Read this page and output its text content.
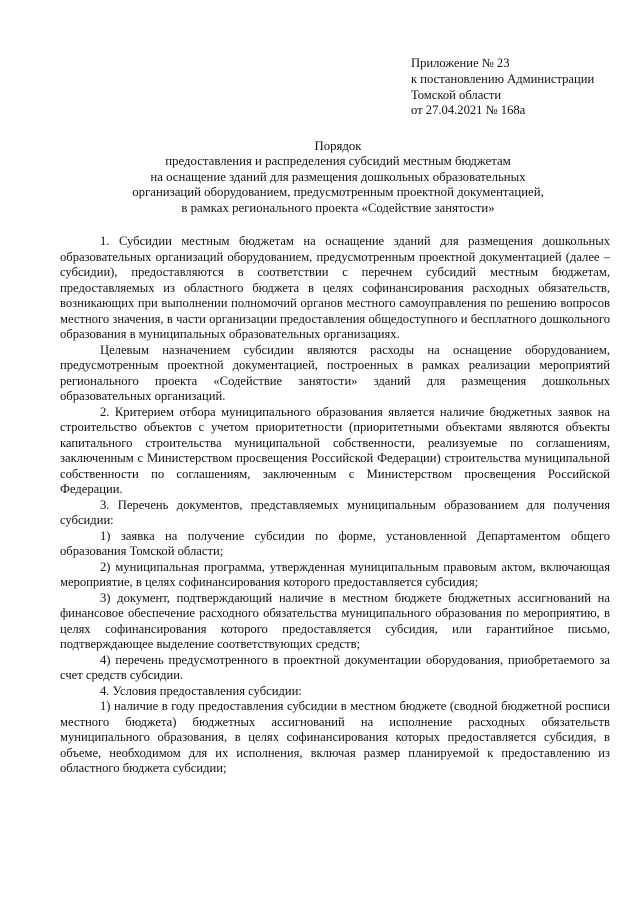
Приложение № 23
к постановлению Администрации
Томской области
от 27.04.2021 № 168а
Порядок
предоставления и распределения субсидий местным бюджетам
на оснащение зданий для размещения дошкольных образовательных
организаций оборудованием, предусмотренным проектной документацией,
в рамках регионального проекта «Содействие занятости»

1. Субсидии местным бюджетам на оснащение зданий для размещения дошкольных образовательных организаций оборудованием, предусмотренным проектной документацией (далее – субсидии), предоставляются в соответствии с перечнем субсидий местным бюджетам, предоставляемых из областного бюджета в целях софинансирования расходных обязательств, возникающих при выполнении полномочий органов местного самоуправления по решению вопросов местного значения, в части организации предоставления общедоступного и бесплатного дошкольного образования в муниципальных образовательных организациях.

Целевым назначением субсидии являются расходы на оснащение оборудованием, предусмотренным проектной документацией, построенных в рамках реализации мероприятий регионального проекта «Содействие занятости» зданий для размещения дошкольных образовательных организаций.

2. Критерием отбора муниципального образования является наличие бюджетных заявок на строительство объектов с учетом приоритетности (приоритетными объектами являются объекты капитального строительства муниципальной собственности, реализуемые по соглашениям, заключенным с Министерством просвещения Российской Федерации) строительства муниципальной собственности по соглашениям, заключенным с Министерством просвещения Российской Федерации.

3. Перечень документов, представляемых муниципальным образованием для получения субсидии:

1) заявка на получение субсидии по форме, установленной Департаментом общего образования Томской области;

2) муниципальная программа, утвержденная муниципальным правовым актом, включающая мероприятие, в целях софинансирования которого предоставляется субсидия;

3) документ, подтверждающий наличие в местном бюджете бюджетных ассигнований на финансовое обеспечение расходного обязательства муниципального образования по мероприятию, в целях софинансирования которого предоставляется субсидия, или гарантийное письмо, подтверждающее выделение соответствующих средств;

4) перечень предусмотренного в проектной документации оборудования, приобретаемого за счет средств субсидии.

4. Условия предоставления субсидии:

1) наличие в году предоставления субсидии в местном бюджете (сводной бюджетной росписи местного бюджета) бюджетных ассигнований на исполнение расходных обязательств муниципального образования, в целях софинансирования которых предоставляется субсидия, в объеме, необходимом для их исполнения, включая размер планируемой к предоставлению из областного бюджета субсидии;
